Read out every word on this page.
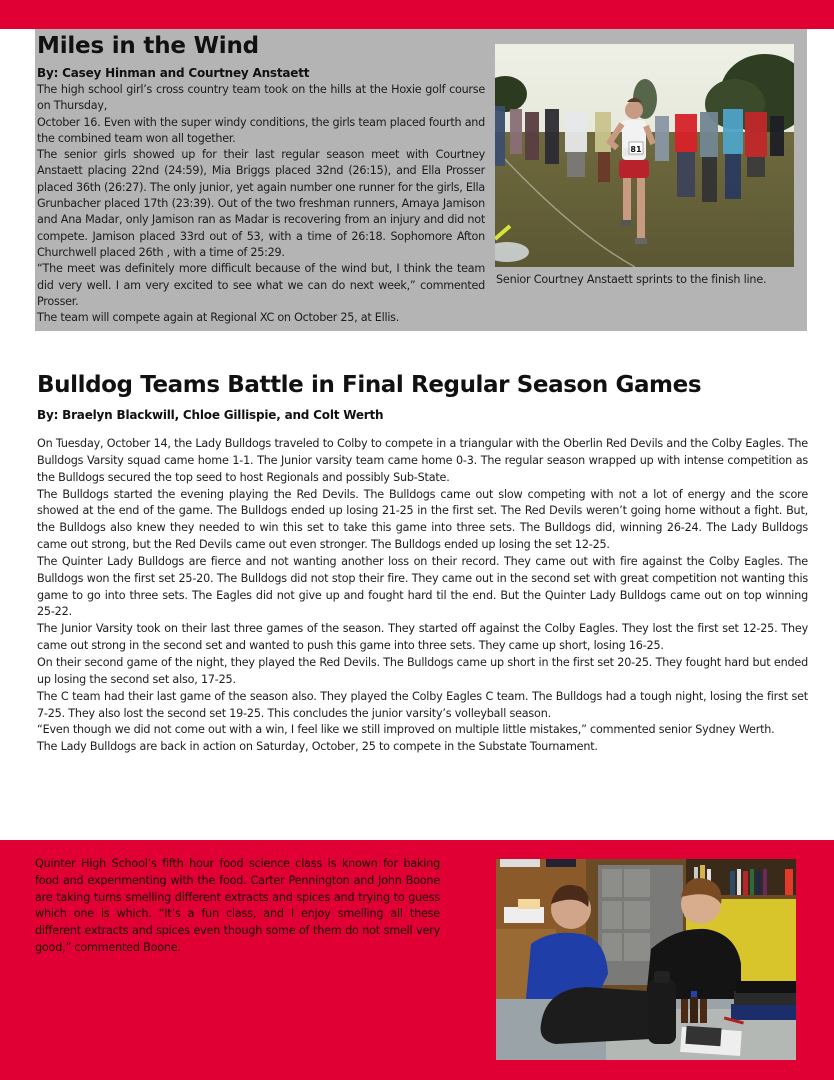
Miles in the Wind
By: Casey Hinman and Courtney Anstaett

The high school girl’s cross country team took on the hills at the Hoxie golf course on Thursday,

October 16. Even with the super windy conditions, the girls team placed fourth and the combined team won all together.

The senior girls showed up for their last regular season meet with Courtney Anstaett placing 22nd (24:59), Mia Briggs placed 32nd (26:15), and Ella Prosser placed 36th (26:27). The only junior, yet again number one runner for the girls, Ella Grunbacher placed 17th (23:39). Out of the two freshman runners, Amaya Jamison and Ana Madar, only Jamison ran as Madar is recovering from an injury and did not compete. Jamison placed 33rd out of 53, with a time of 26:18. Sophomore Afton Churchwell placed 26th , with a time of 25:29.

“The meet was definitely more difficult because of the wind but, I think the team did very well. I am very excited to see what we can do next week,” commented Prosser.

The team will compete again at Regional XC on October 25, at Ellis.

81
Senior Courtney Anstaett sprints to the finish line.
Bulldog Teams Battle in Final Regular Season Games
By: Braelyn Blackwill, Chloe Gillispie, and Colt Werth

On Tuesday, October 14, the Lady Bulldogs traveled to Colby to compete in a triangular with the Oberlin Red Devils and the Colby Eagles. The Bulldogs Varsity squad came home 1-1. The Junior varsity team came home 0-3. The regular season wrapped up with intense competition as the Bulldogs secured the top seed to host Regionals and possibly Sub-State.

The Bulldogs started the evening playing the Red Devils. The Bulldogs came out slow competing with not a lot of energy and the score showed at the end of the game. The Bulldogs ended up losing 21-25 in the first set. The Red Devils weren’t going home without a fight. But, the Bulldogs also knew they needed to win this set to take this game into three sets. The Bulldogs did, winning 26-24. The Lady Bulldogs came out strong, but the Red Devils came out even stronger. The Bulldogs ended up losing the set 12-25.

The Quinter Lady Bulldogs are fierce and not wanting another loss on their record. They came out with fire against the Colby Eagles. The Bulldogs won the first set 25-20. The Bulldogs did not stop their fire. They came out in the second set with great competition not wanting this game to go into three sets. The Eagles did not give up and fought hard til the end. But the Quinter Lady Bulldogs came out on top winning 25-22.

The Junior Varsity took on their last three games of the season. They started off against the Colby Eagles. They lost the first set 12-25. They came out strong in the second set and wanted to push this game into three sets. They came up short, losing 16-25.

On their second game of the night, they played the Red Devils. The Bulldogs came up short in the first set 20-25. They fought hard but ended up losing the second set also, 17-25.

The C team had their last game of the season also. They played the Colby Eagles C team. The Bulldogs had a tough night, losing the first set 7-25. They also lost the second set 19-25. This concludes the junior varsity’s volleyball season.

“Even though we did not come out with a win, I feel like we still improved on multiple little mistakes,” commented senior Sydney Werth.

The Lady Bulldogs are back in action on Saturday, October, 25 to compete in the Substate Tournament.

Quinter High School’s fifth hour food science class is known for baking food and experimenting with the food. Carter Pennington and John Boone are taking turns smelling different extracts and spices and trying to guess which one is which. “It’s a fun class, and I enjoy smelling all these different extracts and spices even though some of them do not smell very good,” commented Boone.
